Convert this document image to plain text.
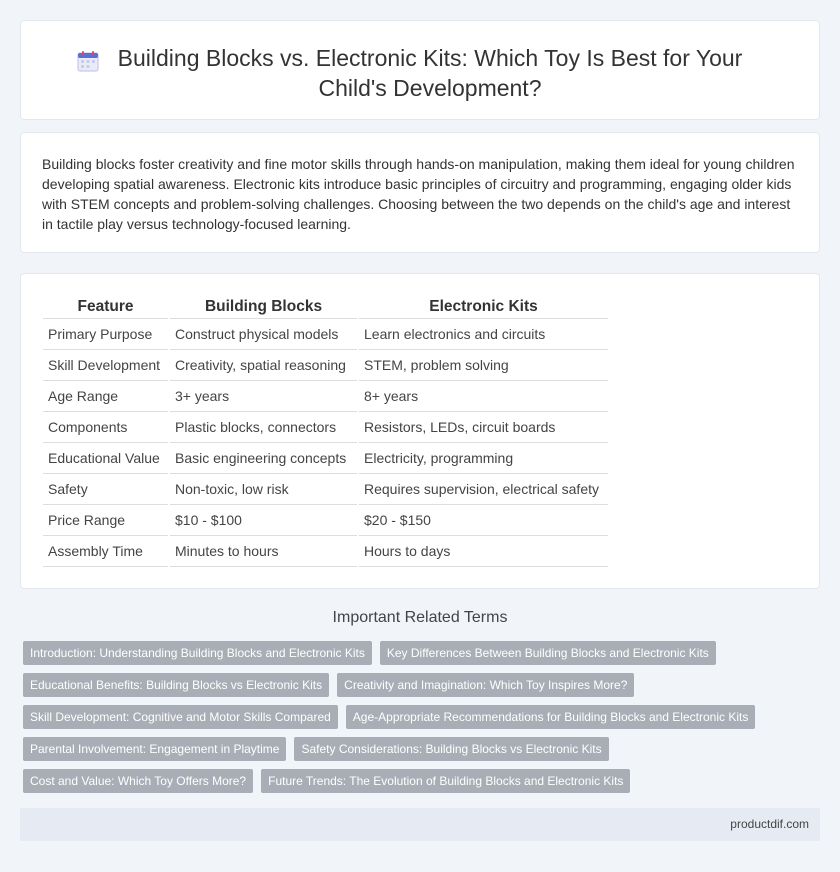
Building Blocks vs. Electronic Kits: Which Toy Is Best for Your Child's Development?

Building blocks foster creativity and fine motor skills through hands-on manipulation, making them ideal for young children developing spatial awareness. Electronic kits introduce basic principles of circuitry and programming, engaging older kids with STEM concepts and problem-solving challenges. Choosing between the two depends on the child's age and interest in tactile play versus technology-focused learning.

Feature	Building Blocks	Electronic Kits
Primary Purpose	Construct physical models	Learn electronics and circuits
Skill Development	Creativity, spatial reasoning	STEM, problem solving
Age Range	3+ years	8+ years
Components	Plastic blocks, connectors	Resistors, LEDs, circuit boards
Educational Value	Basic engineering concepts	Electricity, programming
Safety	Non-toxic, low risk	Requires supervision, electrical safety
Price Range	$10 - $100	$20 - $150
Assembly Time	Minutes to hours	Hours to days
Important Related Terms
Introduction: Understanding Building Blocks and Electronic Kits	Key Differences Between Building Blocks and Electronic Kits
Educational Benefits: Building Blocks vs Electronic Kits	Creativity and Imagination: Which Toy Inspires More?
Skill Development: Cognitive and Motor Skills Compared	Age-Appropriate Recommendations for Building Blocks and Electronic Kits
Parental Involvement: Engagement in Playtime	Safety Considerations: Building Blocks vs Electronic Kits
Cost and Value: Which Toy Offers More?	Future Trends: The Evolution of Building Blocks and Electronic Kits
productdif.com
